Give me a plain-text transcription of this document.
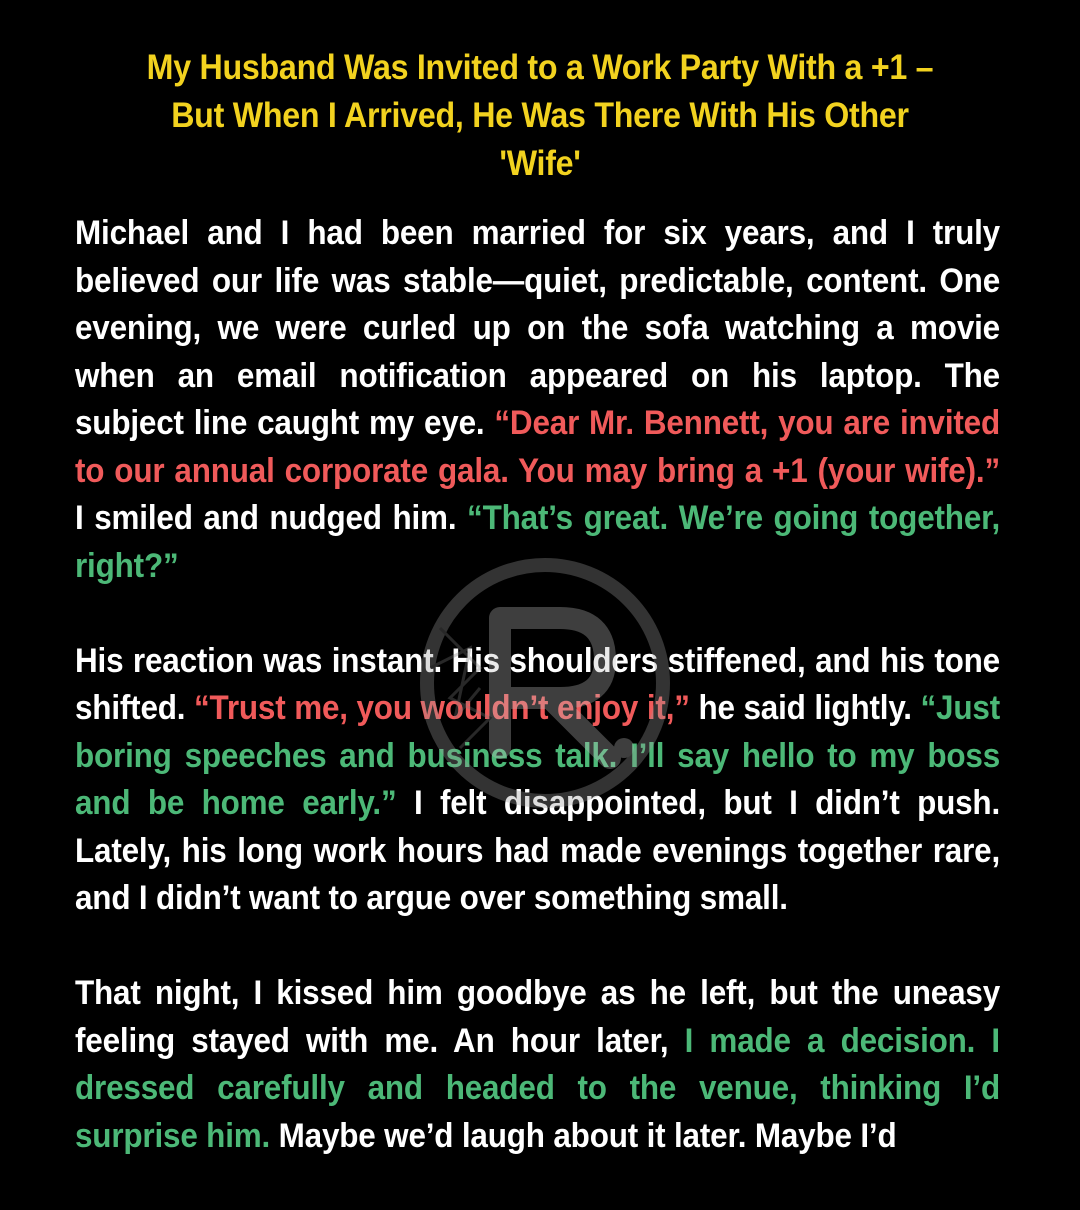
My Husband Was Invited to a Work Party With a +1 –
But When I Arrived, He Was There With His Other
'Wife'

Michael and I had been married for six years, and I truly believed our life was stable—quiet, predictable, content. One evening, we were curled up on the sofa watching a movie when an email notification appeared on his laptop. The subject line caught my eye. “Dear Mr. Bennett, you are invited to our annual corporate gala. You may bring a +1 (your wife).” I smiled and nudged him. “That’s great. We’re going together, right?”

His reaction was instant. His shoulders stiffened, and his tone shifted. “Trust me, you wouldn’t enjoy it,” he said lightly. “Just boring speeches and business talk. I’ll say hello to my boss and be home early.” I felt disappointed, but I didn’t push. Lately, his long work hours had made evenings together rare, and I didn’t want to argue over something small.

That night, I kissed him goodbye as he left, but the uneasy feeling stayed with me. An hour later, I made a decision. I dressed carefully and headed to the venue, thinking I’d surprise him. Maybe we’d laugh about it later. Maybe I’d
